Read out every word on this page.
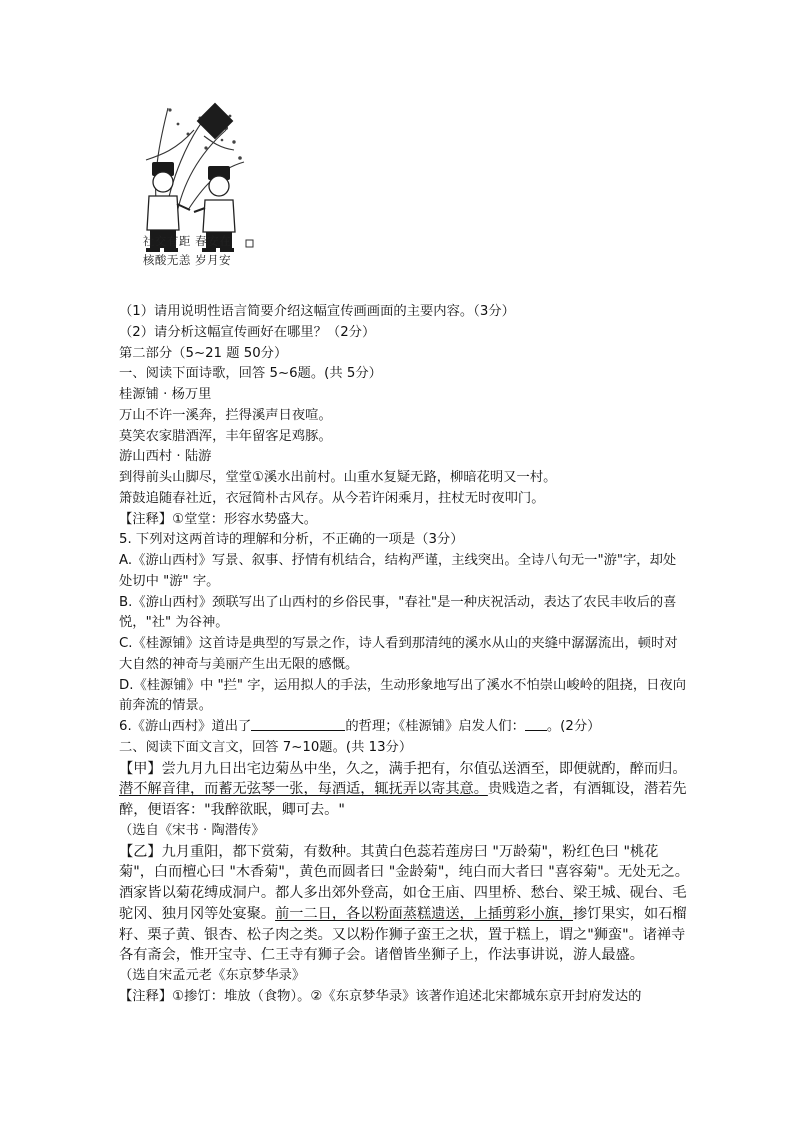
社交有距 春安在
核酸无恙 岁月安
（1）请用说明性语言简要介绍这幅宣传画画面的主要内容。（3分）
（2）请分析这幅宣传画好在哪里？（2分）
第二部分（5~21 题 50分）
一、阅读下面诗歌，回答 5~6题。(共 5分）
桂源铺 · 杨万里
万山不许一溪奔，拦得溪声日夜喧。
莫笑农家腊酒浑，丰年留客足鸡豚。
游山西村 · 陆游
到得前头山脚尽，堂堂①溪水出前村。山重水复疑无路，柳暗花明又一村。
箫鼓追随春社近，衣冠简朴古风存。从今若许闲乘月，拄杖无时夜叩门。
【注释】①堂堂：形容水势盛大。
5. 下列对这两首诗的理解和分析，不正确的一项是（3分）
A.《游山西村》写景、叙事、抒情有机结合，结构严谨，主线突出。全诗八句无一"游"字，却处处切中 "游" 字。
B.《游山西村》颈联写出了山西村的乡俗民事，"春社"是一种庆祝活动，表达了农民丰收后的喜悦，"社" 为谷神。
C.《桂源铺》这首诗是典型的写景之作，诗人看到那清纯的溪水从山的夹缝中潺潺流出，顿时对大自然的神奇与美丽产生出无限的感慨。
D.《桂源铺》中 "拦" 字，运用拟人的手法，生动形象地写出了溪水不怕崇山峻岭的阻挠，日夜向前奔流的情景。
6.《游山西村》道出了	的哲理；《桂源铺》启发人们： 。(2分）
二、阅读下面文言文，回答 7~10题。(共 13分）
【甲】尝九月九日出宅边菊丛中坐，久之，满手把有，尔值弘送酒至，即便就酌，醉而归。潜不解音律，而蓄无弦琴一张，每酒适，辄抚弄以寄其意。贵贱造之者，有酒辄设，潜若先醉，便语客："我醉欲眠，卿可去。"
（选自《宋书 · 陶潜传》
【乙】九月重阳，都下赏菊，有数种。其黄白色蕊若莲房曰 "万龄菊"，粉红色曰 "桃花菊"，白而檀心曰 "木香菊"，黄色而圆者曰 "金龄菊"，纯白而大者曰 "喜容菊"。无处无之。酒家皆以菊花缚成洞户。都人多出郊外登高，如仓王庙、四里桥、愁台、梁王城、砚台、毛驼冈、独月冈等处宴聚。前一二日，各以粉面蒸糕遗送，上插剪彩小旗，掺饤果实，如石榴籽、栗子黄、银杏、松子肉之类。又以粉作狮子蛮王之状，置于糕上，谓之"狮蛮"。诸禅寺各有斋会，惟开宝寺、仁王寺有狮子会。诸僧皆坐狮子上，作法事讲说，游人最盛。
（选自宋孟元老《东京梦华录》
【注释】①掺饤：堆放（食物）。②《东京梦华录》该著作追述北宋都城东京开封府发达的
